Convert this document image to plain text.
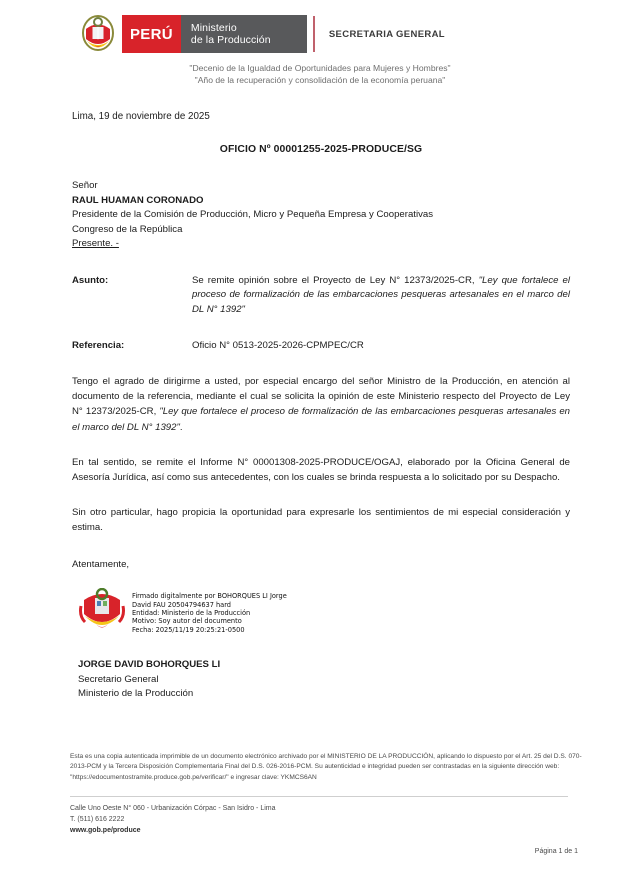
PERÚ	Ministerio
de la Producción	SECRETARIA GENERAL
"Decenio de la Igualdad de Oportunidades para Mujeres y Hombres"
"Año de la recuperación y consolidación de la economía peruana"
Lima, 19 de noviembre de 2025
OFICIO Nº 00001255-2025-PRODUCE/SG
Señor
RAUL HUAMAN CORONADO
Presidente de la Comisión de Producción, Micro y Pequeña Empresa y Cooperativas
Congreso de la República
Presente. -
Asunto:	Se remite opinión sobre el Proyecto de Ley N° 12373/2025-CR, "Ley que fortalece el proceso de formalización de las embarcaciones pesqueras artesanales en el marco del DL N° 1392"
Referencia:	Oficio N° 0513-2025-2026-CPMPEC/CR
Tengo el agrado de dirigirme a usted, por especial encargo del señor Ministro de la Producción, en atención al documento de la referencia, mediante el cual se solicita la opinión de este Ministerio respecto del Proyecto de Ley N° 12373/2025-CR, "Ley que fortalece el proceso de formalización de las embarcaciones pesqueras artesanales en el marco del DL N° 1392".
En tal sentido, se remite el Informe N° 00001308-2025-PRODUCE/OGAJ, elaborado por la Oficina General de Asesoría Jurídica, así como sus antecedentes, con los cuales se brinda respuesta a lo solicitado por su Despacho.
Sin otro particular, hago propicia la oportunidad para expresarle los sentimientos de mi especial consideración y estima.
Atentamente,
Firmado digitalmente por BOHORQUES LI Jorge
David FAU 20504794637 hard
Entidad: Ministerio de la Producción
Motivo: Soy autor del documento
Fecha: 2025/11/19 20:25:21-0500
JORGE DAVID BOHORQUES LI
Secretario General
Ministerio de la Producción
Esta es una copia autenticada imprimible de un documento electrónico archivado por el MINISTERIO DE LA PRODUCCIÓN, aplicando lo dispuesto por el Art. 25 del D.S. 070-2013-PCM y la Tercera Disposición Complementaria Final del D.S. 026-2016-PCM. Su autenticidad e integridad pueden ser contrastadas en la siguiente dirección web: "https://edocumentostramite.produce.gob.pe/verificar/" e ingresar clave: YKMCS6AN
Calle Uno Oeste N° 060 - Urbanización Córpac - San Isidro - Lima
T. (511) 616 2222
www.gob.pe/produce
Página 1 de 1
